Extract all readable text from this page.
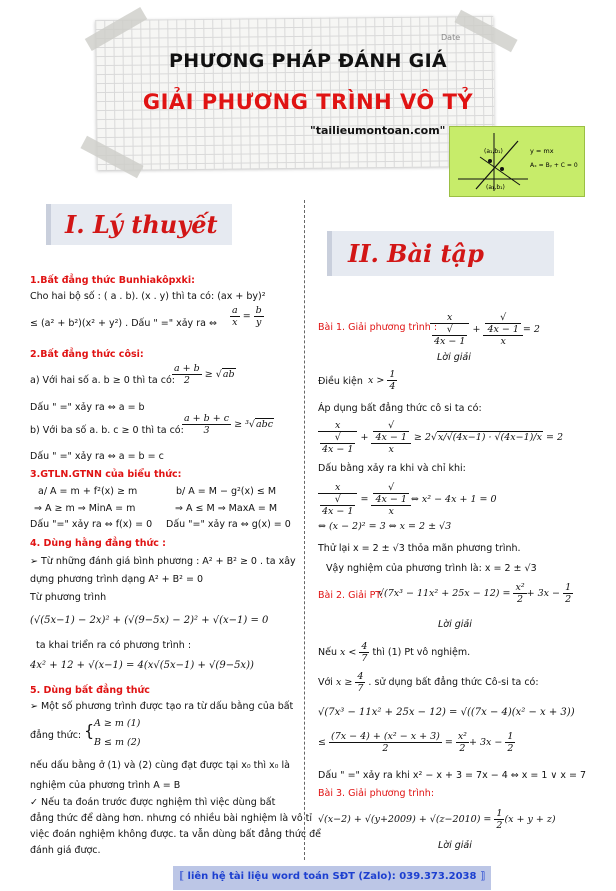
Date
PHƯƠNG PHÁP ĐÁNH GIÁ
GIẢI PHƯƠNG TRÌNH VÔ TỶ
"tailieumontoan.com"
(a₁,b₁)
(a₁,b₁)
y = mx
Aₓ = Bᵧ + C = 0
I. Lý thuyết
1.Bất đẳng thức Bunhiakôpxki:
Cho hai bộ số : ( a . b). (x . y) thì ta có: (ax + by)²
≤ (a² + b²)(x² + y²) . Dấu " =" xảy ra ⇔ $\frac{a}{x} = \frac{b}{y}$
2.Bất đẳng thức côsi:
a) Với hai số a. b ≥ 0 thì ta có:
$\frac{a + b}{2} \ge √ab$
Dấu " =" xảy ra ⇔ a = b
b) Với ba số a. b. c ≥ 0 thì ta có:
$\frac{a + b + c}{3} \ge ^3√abc$
Dấu " =" xảy ra ⇔ a = b = c
3.GTLN.GTNN của biểu thức:
a/ A = m + f²(x) ≥ m	b/ A = M − g²(x) ≤ M
⇒ A ≥ m ⇒ MinA = m	⇒ A ≤ M ⇒ MaxA = M
Dấu "=" xảy ra ⇔ f(x) = 0 Dấu "=" xảy ra ⇔ g(x) = 0
4. Dùng hằng đẳng thức :
➢ Từ những đánh giá bình phương : A² + B² ≥ 0 . ta xây
dựng phương trình dạng A² + B² = 0
Từ phương trình
(√(5x−1) − 2x)² + (√(9−5x) − 2)² + √(x−1) = 0
ta khai triển ra có phương trình :
4x² + 12 + √(x−1) = 4(x√(5x−1) + √(9−5x))
5. Dùng bất đẳng thức
➢ Một số phương trình được tạo ra từ dấu bằng của bất
đẳng thức: { A ≥ m (1)
B ≤ m (2)
nếu dấu bằng ở (1) và (2) cùng đạt được tại x₀ thì x₀ là
nghiệm của phương trình A = B
✓ Nếu ta đoán trước được nghiệm thì việc dùng bất
đẳng thức để dàng hơn. nhưng có nhiều bài nghiệm là vô tỉ
việc đoán nghiệm không được. ta vẫn dùng bất đẳng thức để
đánh giá được.
II. Bài tập
Bài 1. Giải phương trình :
x
√
4x − 1 + √
4x − 1
x = 2
Lời giải
Điều kiện $x > \frac{1}{4}$
Áp dụng bất đẳng thức cô si ta có:
x
√
4x − 1 + √
4x − 1
x ≥ 2√x/√(4x−1) · √(4x−1)/x = 2
Dấu bằng xảy ra khi và chỉ khi:
x
√
4x − 1 = √
4x − 1
x ⇔ x² − 4x + 1 = 0
⇔ (x − 2)² = 3 ⇔ x = 2 ± √3
Thử lại x = 2 ± √3 thỏa mãn phương trình.
Vậy nghiệm của phương trình là: x = 2 ± √3
Bài 2. Giải PT:
$√(7x^3 - 11x^2 + 25x - 12) = \frac{\text{x²}}{2} + 3x - \frac{1}{2}$
Lời giải
Nếu $x < \frac{4}{7}$ thì (1) Pt vô nghiệm.
Với $x \ge \frac{4}{7}$ . sử dụng bất đẳng thức Cô-si ta có:
√(7x³ − 11x² + 25x − 12) = √((7x − 4)(x² − x + 3))
≤ $\frac{\text{(7x − 4) + (x² − x + 3)}}{2} = \frac{\text{x²}}{2} + 3x - \frac{1}{2}$
Dấu " =" xảy ra khi x² − x + 3 = 7x − 4 ⇔ x = 1 ∨ x = 7
Bài 3. Giải phương trình:
$√(x-2) + √(y+2009) + √(z-2010) = \frac{1}{2} (x + y + z)$
Lời giải
⟦ liên hệ tài liệu word toán SĐT (Zalo): 039.373.2038 ⟧
